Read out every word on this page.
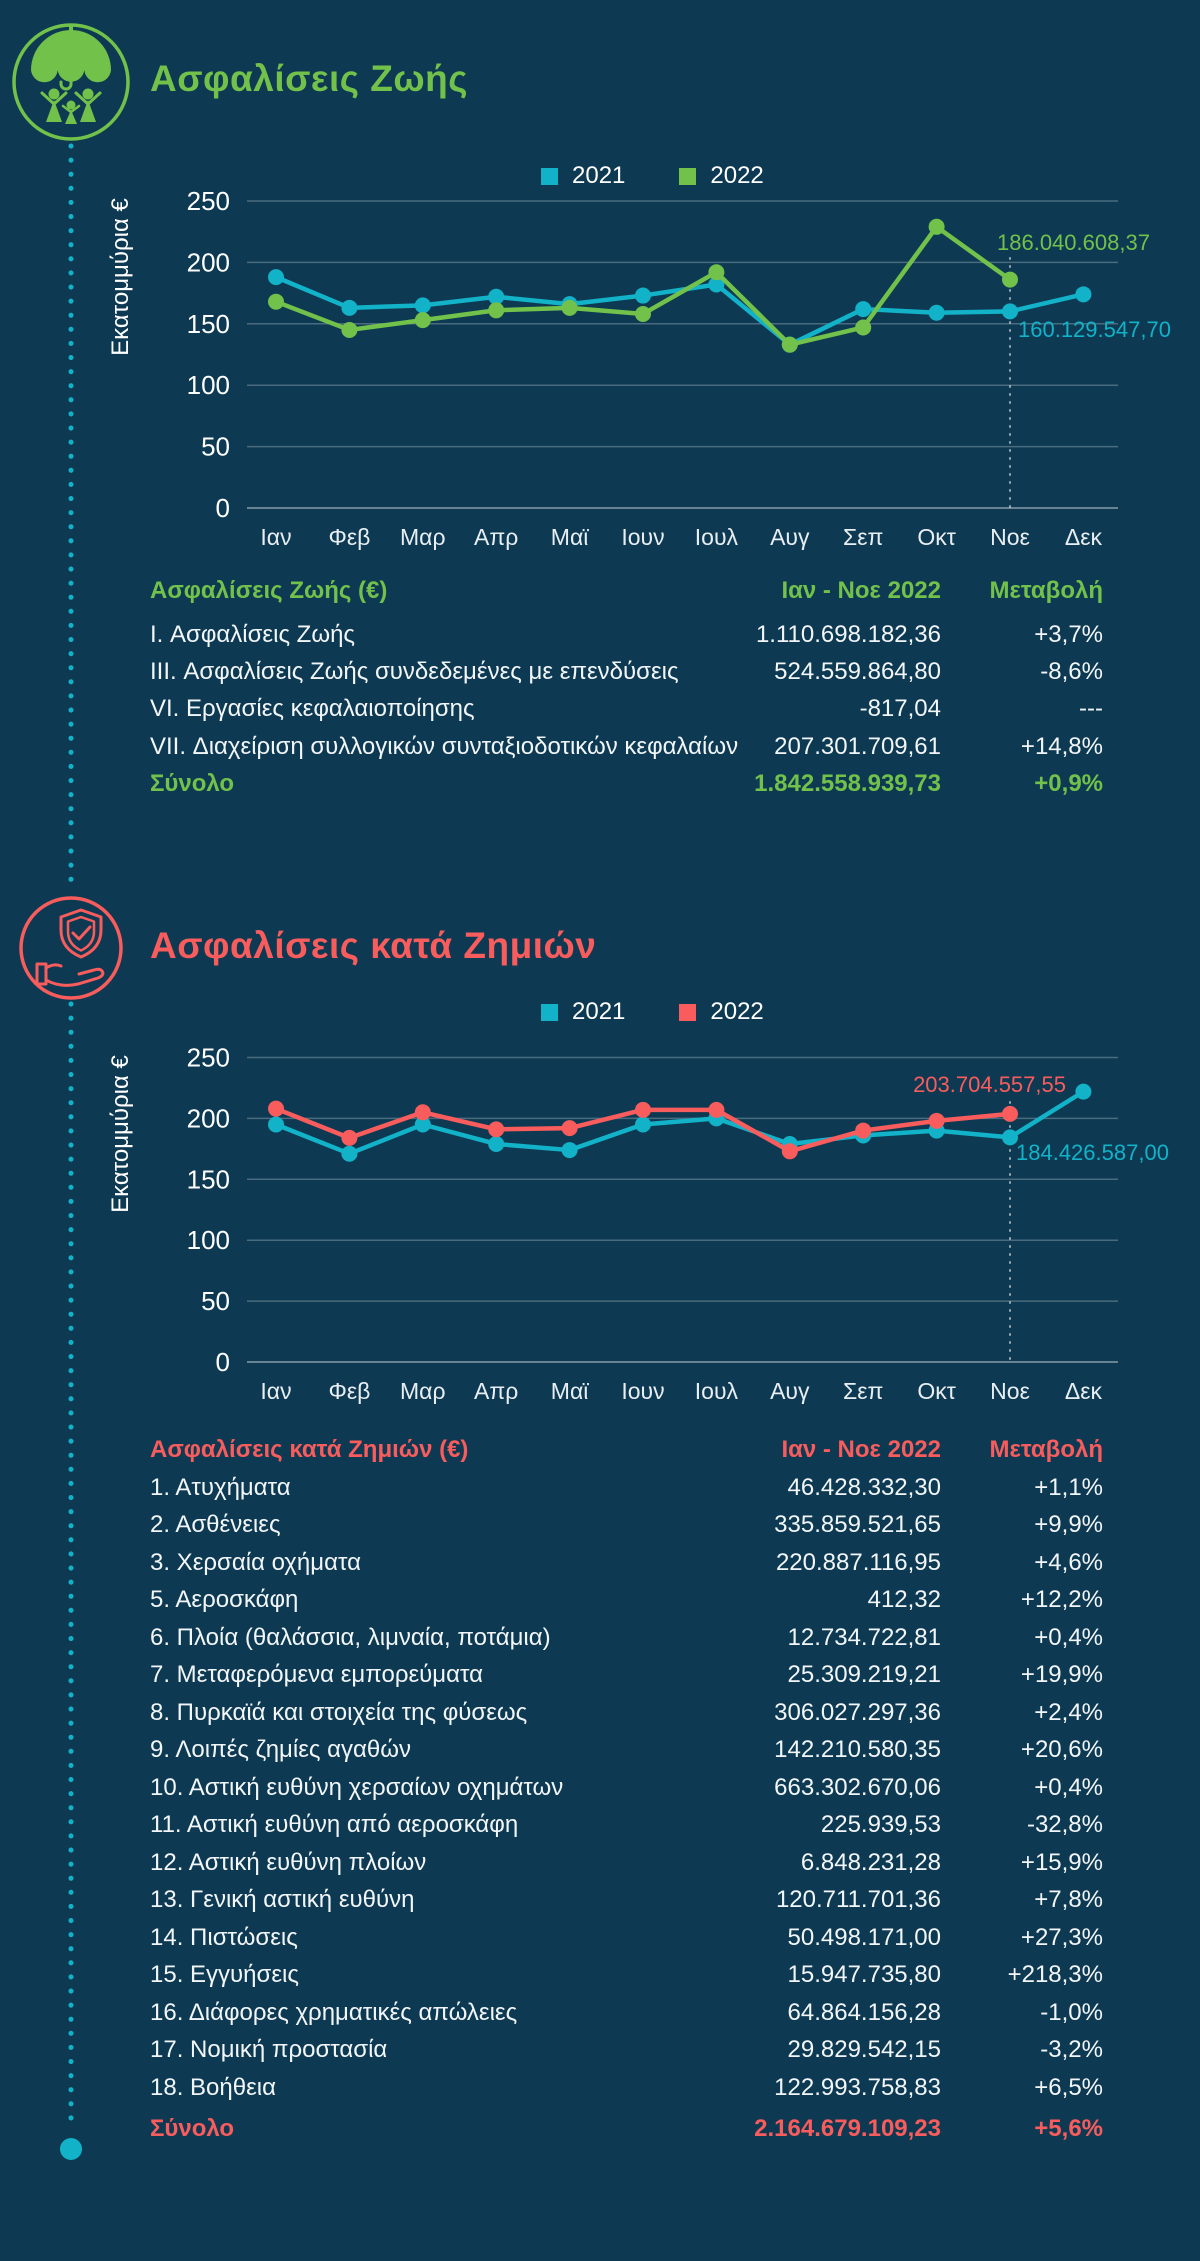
250
200
150
100
50
0
Εκατομμύρια €
Ιαν Φεβ Μαρ Απρ Μαϊ Ιουν Ιουλ Αυγ Σεπ Οκτ Νοε Δεκ
186.040.608,37
160.129.547,70
250
200
150
100
50
0
Εκατομμύρια €
Ιαν Φεβ Μαρ Απρ Μαϊ Ιουν Ιουλ Αυγ Σεπ Οκτ Νοε Δεκ
203.704.557,55
184.426.587,00
Ασφαλίσεις Ζωής
2021	2022
Ασφαλίσεις Ζωής (€)	Ιαν - Νοε 2022	Μεταβολή
I. Ασφαλίσεις Ζωής	1.110.698.182,36	+3,7%
III. Ασφαλίσεις Ζωής συνδεδεμένες με επενδύσεις	524.559.864,80	-8,6%
VI. Εργασίες κεφαλαιοποίησης	-817,04	---
VII. Διαχείριση συλλογικών συνταξιοδοτικών κεφαλαίων	207.301.709,61	+14,8%
Σύνολο	1.842.558.939,73	+0,9%
Ασφαλίσεις κατά Ζημιών
2021	2022
Ασφαλίσεις κατά Ζημιών (€)	Ιαν - Νοε 2022	Μεταβολή
1. Ατυχήματα	46.428.332,30	+1,1%
2. Ασθένειες	335.859.521,65	+9,9%
3. Χερσαία οχήματα	220.887.116,95	+4,6%
5. Αεροσκάφη	412,32	+12,2%
6. Πλοία (θαλάσσια, λιμναία, ποτάμια)	12.734.722,81	+0,4%
7. Μεταφερόμενα εμπορεύματα	25.309.219,21	+19,9%
8. Πυρκαϊά και στοιχεία της φύσεως	306.027.297,36	+2,4%
9. Λοιπές ζημίες αγαθών	142.210.580,35	+20,6%
10. Αστική ευθύνη χερσαίων οχημάτων	663.302.670,06	+0,4%
11. Αστική ευθύνη από αεροσκάφη	225.939,53	-32,8%
12. Αστική ευθύνη πλοίων	6.848.231,28	+15,9%
13. Γενική αστική ευθύνη	120.711.701,36	+7,8%
14. Πιστώσεις	50.498.171,00	+27,3%
15. Εγγυήσεις	15.947.735,80	+218,3%
16. Διάφορες χρηματικές απώλειες	64.864.156,28	-1,0%
17. Νομική προστασία	29.829.542,15	-3,2%
18. Βοήθεια	122.993.758,83	+6,5%
Σύνολο	2.164.679.109,23	+5,6%
